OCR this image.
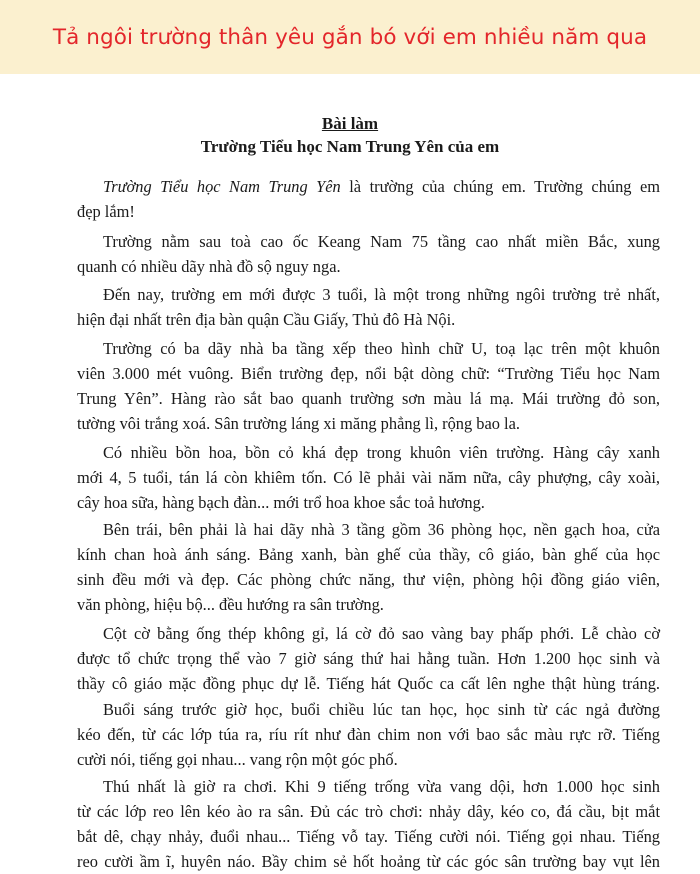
Tả ngôi trường thân yêu gắn bó với em nhiều năm qua
Bài làm
Trường Tiểu học Nam Trung Yên của em

Trường Tiểu học Nam Trung Yên là trường của chúng em. Trường chúng em
đẹp lắm!

Trường nằm sau toà cao ốc Keang Nam 75 tầng cao nhất miền Bắc, xung
quanh có nhiều dãy nhà đồ sộ nguy nga.

Đến nay, trường em mới được 3 tuổi, là một trong những ngôi trường trẻ nhất,
hiện đại nhất trên địa bàn quận Cầu Giấy, Thủ đô Hà Nội.

Trường có ba dãy nhà ba tầng xếp theo hình chữ U, toạ lạc trên một khuôn
viên 3.000 mét vuông. Biển trường đẹp, nổi bật dòng chữ: “Trường Tiểu học Nam
Trung Yên”. Hàng rào sắt bao quanh trường sơn màu lá mạ. Mái trường đỏ son,
tường vôi trắng xoá. Sân trường láng xi măng phẳng lì, rộng bao la.

Có nhiều bồn hoa, bồn cỏ khá đẹp trong khuôn viên trường. Hàng cây xanh
mới 4, 5 tuổi, tán lá còn khiêm tốn. Có lẽ phải vài năm nữa, cây phượng, cây xoài,
cây hoa sữa, hàng bạch đàn... mới trổ hoa khoe sắc toả hương.

Bên trái, bên phải là hai dãy nhà 3 tầng gồm 36 phòng học, nền gạch hoa, cửa
kính chan hoà ánh sáng. Bảng xanh, bàn ghế của thầy, cô giáo, bàn ghế của học
sinh đều mới và đẹp. Các phòng chức năng, thư viện, phòng hội đồng giáo viên,
văn phòng, hiệu bộ... đều hướng ra sân trường.

Cột cờ bằng ống thép không gỉ, lá cờ đỏ sao vàng bay phấp phới. Lễ chào cờ
được tổ chức trọng thể vào 7 giờ sáng thứ hai hằng tuần. Hơn 1.200 học sinh và
thầy cô giáo mặc đồng phục dự lễ. Tiếng hát Quốc ca cất lên nghe thật hùng tráng.

Buổi sáng trước giờ học, buổi chiều lúc tan học, học sinh từ các ngả đường
kéo đến, từ các lớp túa ra, ríu rít như đàn chim non với bao sắc màu rực rỡ. Tiếng
cười nói, tiếng gọi nhau... vang rộn một góc phố.

Thú nhất là giờ ra chơi. Khi 9 tiếng trống vừa vang dội, hơn 1.000 học sinh
từ các lớp reo lên kéo ào ra sân. Đủ các trò chơi: nhảy dây, kéo co, đá cầu, bịt mắt
bắt dê, chạy nhảy, đuổi nhau... Tiếng vỗ tay. Tiếng cười nói. Tiếng gọi nhau. Tiếng
reo cười ầm ĩ, huyên náo. Bầy chim sẻ hốt hoảng từ các góc sân trường bay vụt lên
